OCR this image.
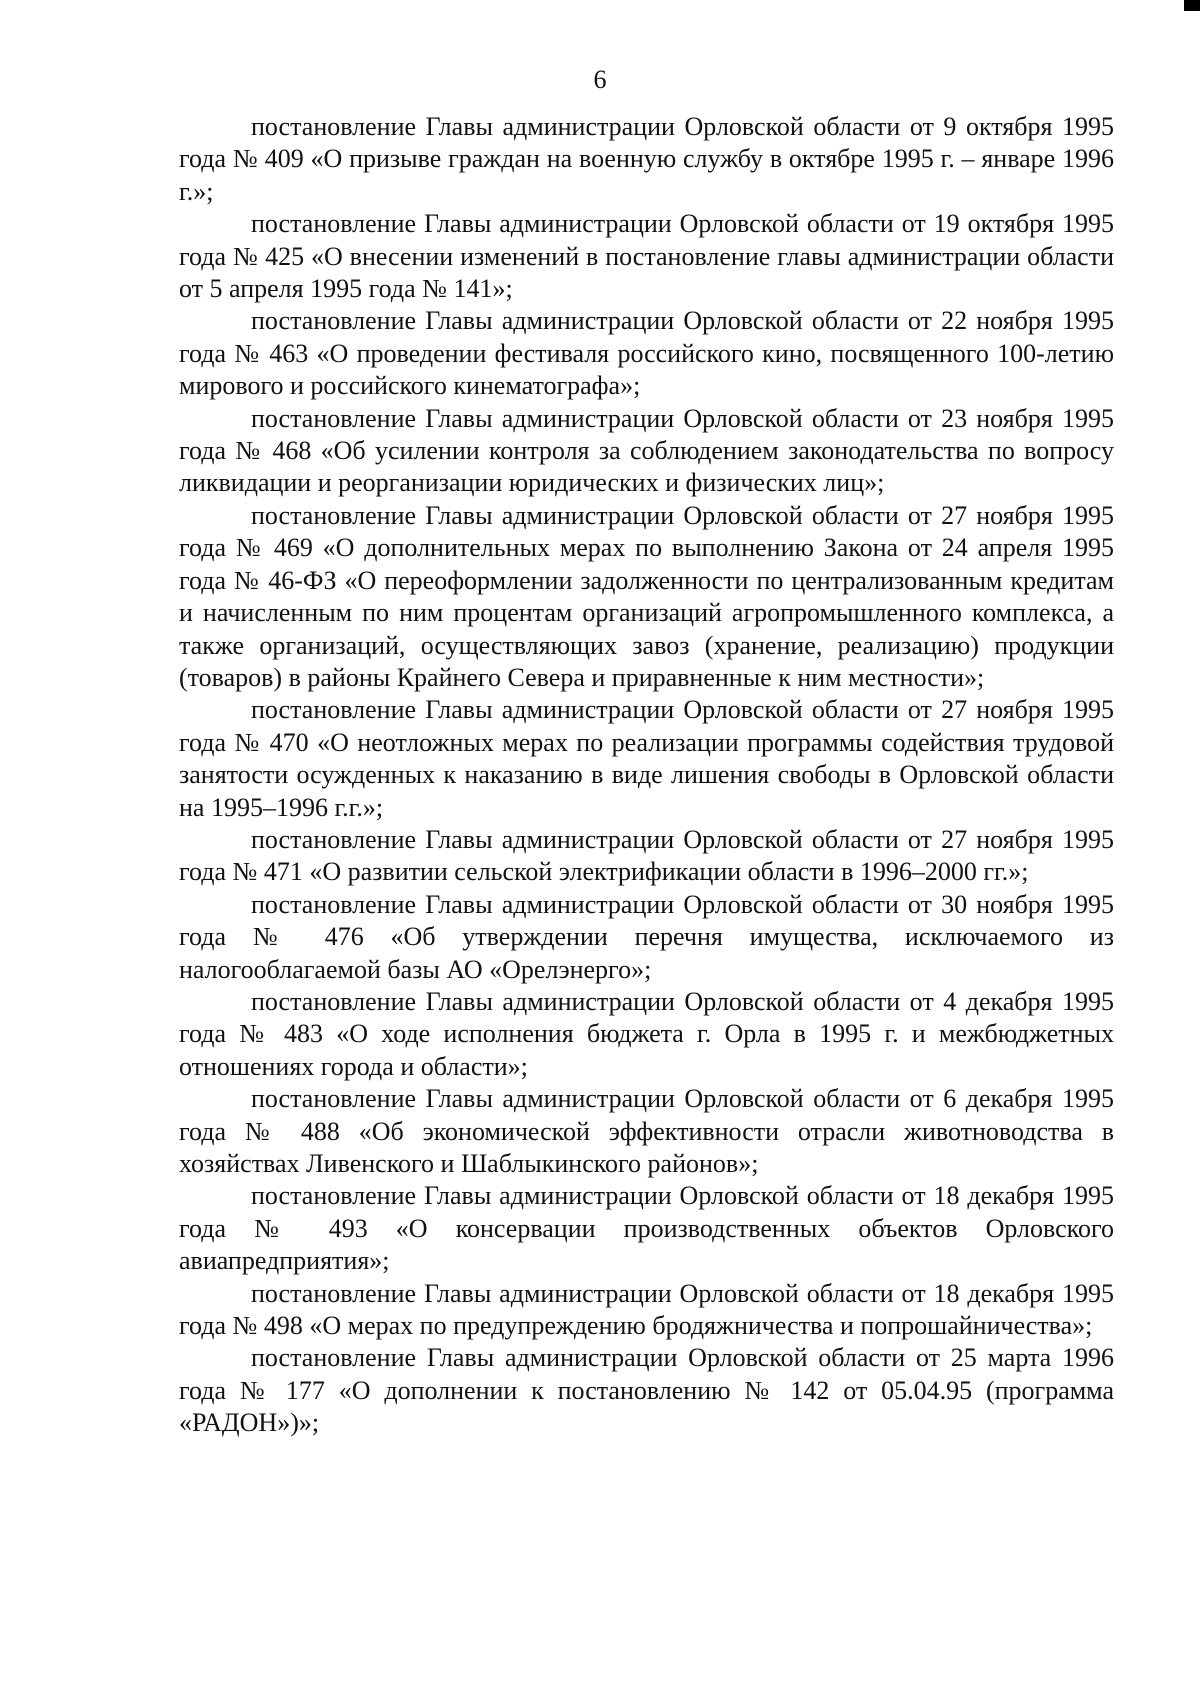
6

постановление Главы администрации Орловской области от 9 октября 1995 года № 409 «О призыве граждан на военную службу в октябре 1995 г. – январе 1996 г.»;

постановление Главы администрации Орловской области от 19 октября 1995 года № 425 «О внесении изменений в постановление главы администрации области от 5 апреля 1995 года № 141»;

постановление Главы администрации Орловской области от 22 ноября 1995 года № 463 «О проведении фестиваля российского кино, посвященного 100-летию мирового и российского кинематографа»;

постановление Главы администрации Орловской области от 23 ноября 1995 года № 468 «Об усилении контроля за соблюдением законодательства по вопросу ликвидации и реорганизации юридических и физических лиц»;

постановление Главы администрации Орловской области от 27 ноября 1995 года № 469 «О дополнительных мерах по выполнению Закона от 24 апреля 1995 года № 46-ФЗ «О переоформлении задолженности по централизованным кредитам и начисленным по ним процентам организаций агропромышленного комплекса, а также организаций, осуществляющих завоз (хранение, реализацию) продукции (товаров) в районы Крайнего Севера и приравненные к ним местности»;

постановление Главы администрации Орловской области от 27 ноября 1995 года № 470 «О неотложных мерах по реализации программы содействия трудовой занятости осужденных к наказанию в виде лишения свободы в Орловской области на 1995–1996 г.г.»;

постановление Главы администрации Орловской области от 27 ноября 1995 года № 471 «О развитии сельской электрификации области в 1996–2000 гг.»;

постановление Главы администрации Орловской области от 30 ноября 1995 года № 476 «Об утверждении перечня имущества, исключаемого из налогооблагаемой базы АО «Орелэнерго»;

постановление Главы администрации Орловской области от 4 декабря 1995 года № 483 «О ходе исполнения бюджета г. Орла в 1995 г. и межбюджетных отношениях города и области»;

постановление Главы администрации Орловской области от 6 декабря 1995 года № 488 «Об экономической эффективности отрасли животноводства в хозяйствах Ливенского и Шаблыкинского районов»;

постановление Главы администрации Орловской области от 18 декабря 1995 года № 493 «О консервации производственных объектов Орловского авиапредприятия»;

постановление Главы администрации Орловской области от 18 декабря 1995 года № 498 «О мерах по предупреждению бродяжничества и попрошайничества»;

постановление Главы администрации Орловской области от 25 марта 1996 года № 177 «О дополнении к постановлению № 142 от 05.04.95 (программа «РАДОН»)»;
